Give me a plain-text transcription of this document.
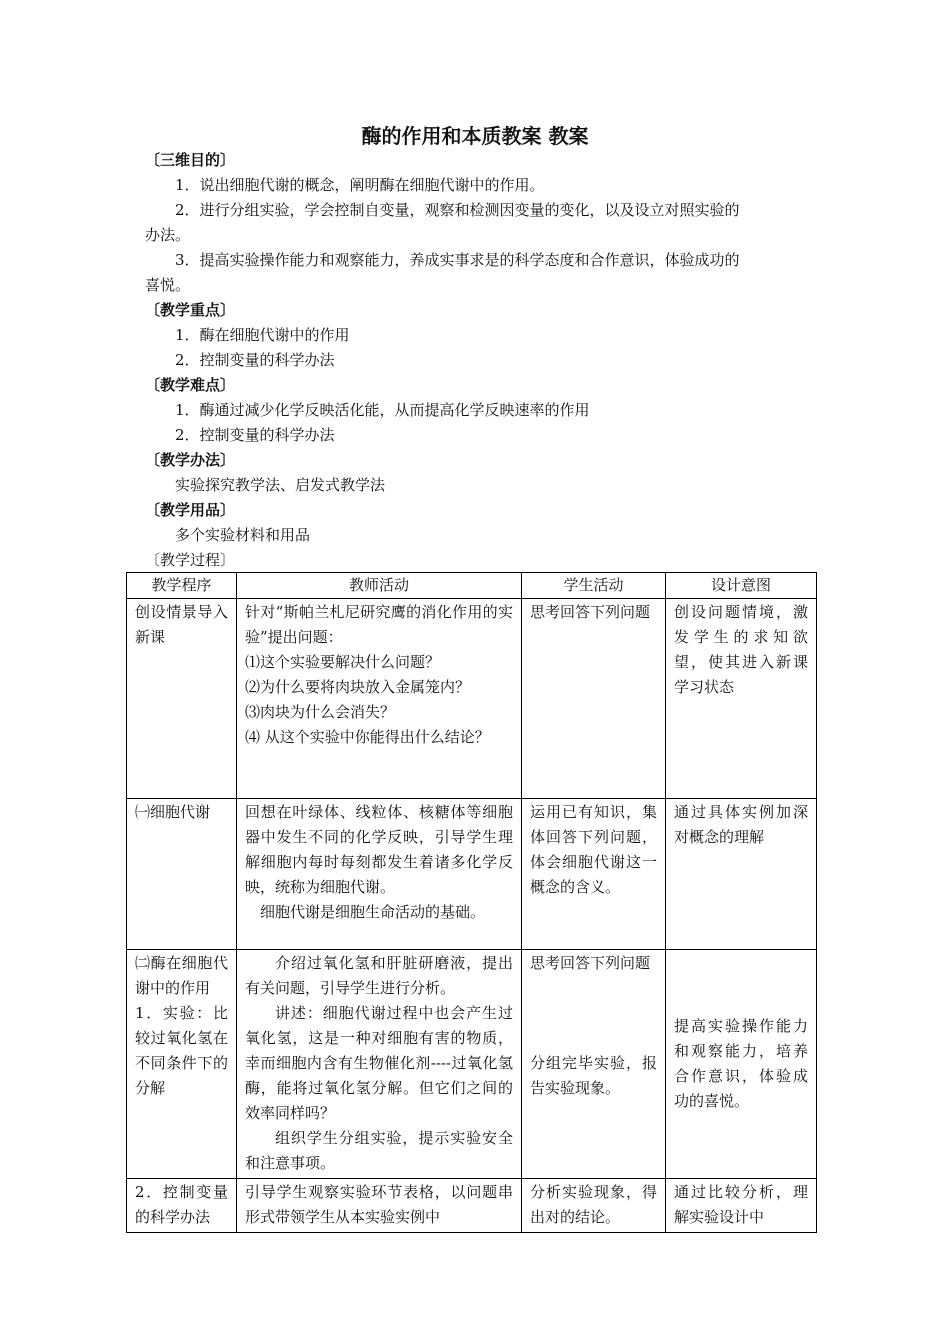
酶的作用和本质教案 教案
〔三维目的〕
1．说出细胞代谢的概念，阐明酶在细胞代谢中的作用。
2．进行分组实验，学会控制自变量，观察和检测因变量的变化，以及设立对照实验的
办法。
3．提高实验操作能力和观察能力，养成实事求是的科学态度和合作意识，体验成功的
喜悦。
〔教学重点〕
1．酶在细胞代谢中的作用
2．控制变量的科学办法
〔教学难点〕
1．酶通过减少化学反映活化能，从而提高化学反映速率的作用
2．控制变量的科学办法
〔教学办法〕
实验探究教学法、启发式教学法
〔教学用品〕
多个实验材料和用品
〔教学过程〕
教学程序	教师活动	学生活动	设计意图
创设情景导入新课	针对“斯帕兰札尼研究鹰的消化作用的实验”提出问题：
⑴这个实验要解决什么问题？
⑵为什么要将肉块放入金属笼内？
⑶肉块为什么会消失？
⑷ 从这个实验中你能得出什么结论？	思考回答下列问题	创设问题情境，激发学生的求知欲望，使其进入新课学习状态
㈠细胞代谢	回想在叶绿体、线粒体、核糖体等细胞器中发生不同的化学反映，引导学生理解细胞内每时每刻都发生着诸多化学反映，统称为细胞代谢。
细胞代谢是细胞生命活动的基础。	运用已有知识，集体回答下列问题，体会细胞代谢这一概念的含义。	通过具体实例加深对概念的理解

㈡酶在细胞代谢中的作用
1．实验：比较过氧化氢在不同条件下的分解	介绍过氧化氢和肝脏研磨液，提出有关问题，引导学生进行分析。
讲述：细胞代谢过程中也会产生过氧化氢，这是一种对细胞有害的物质，幸而细胞内含有生物催化剂----过氧化氢酶，能将过氧化氢分解。但它们之间的效率同样吗？
组织学生分组实验，提示实验安全和注意事项。	思考回答下列问题
分组完毕实验，报告实验现象。	提高实验操作能力和观察能力，培养合作意识，体验成功的喜悦。
2．控制变量的科学办法	引导学生观察实验环节表格，以问题串形式带领学生从本实验实例中	分析实验现象，得出对的结论。	通过比较分析，理解实验设计中
